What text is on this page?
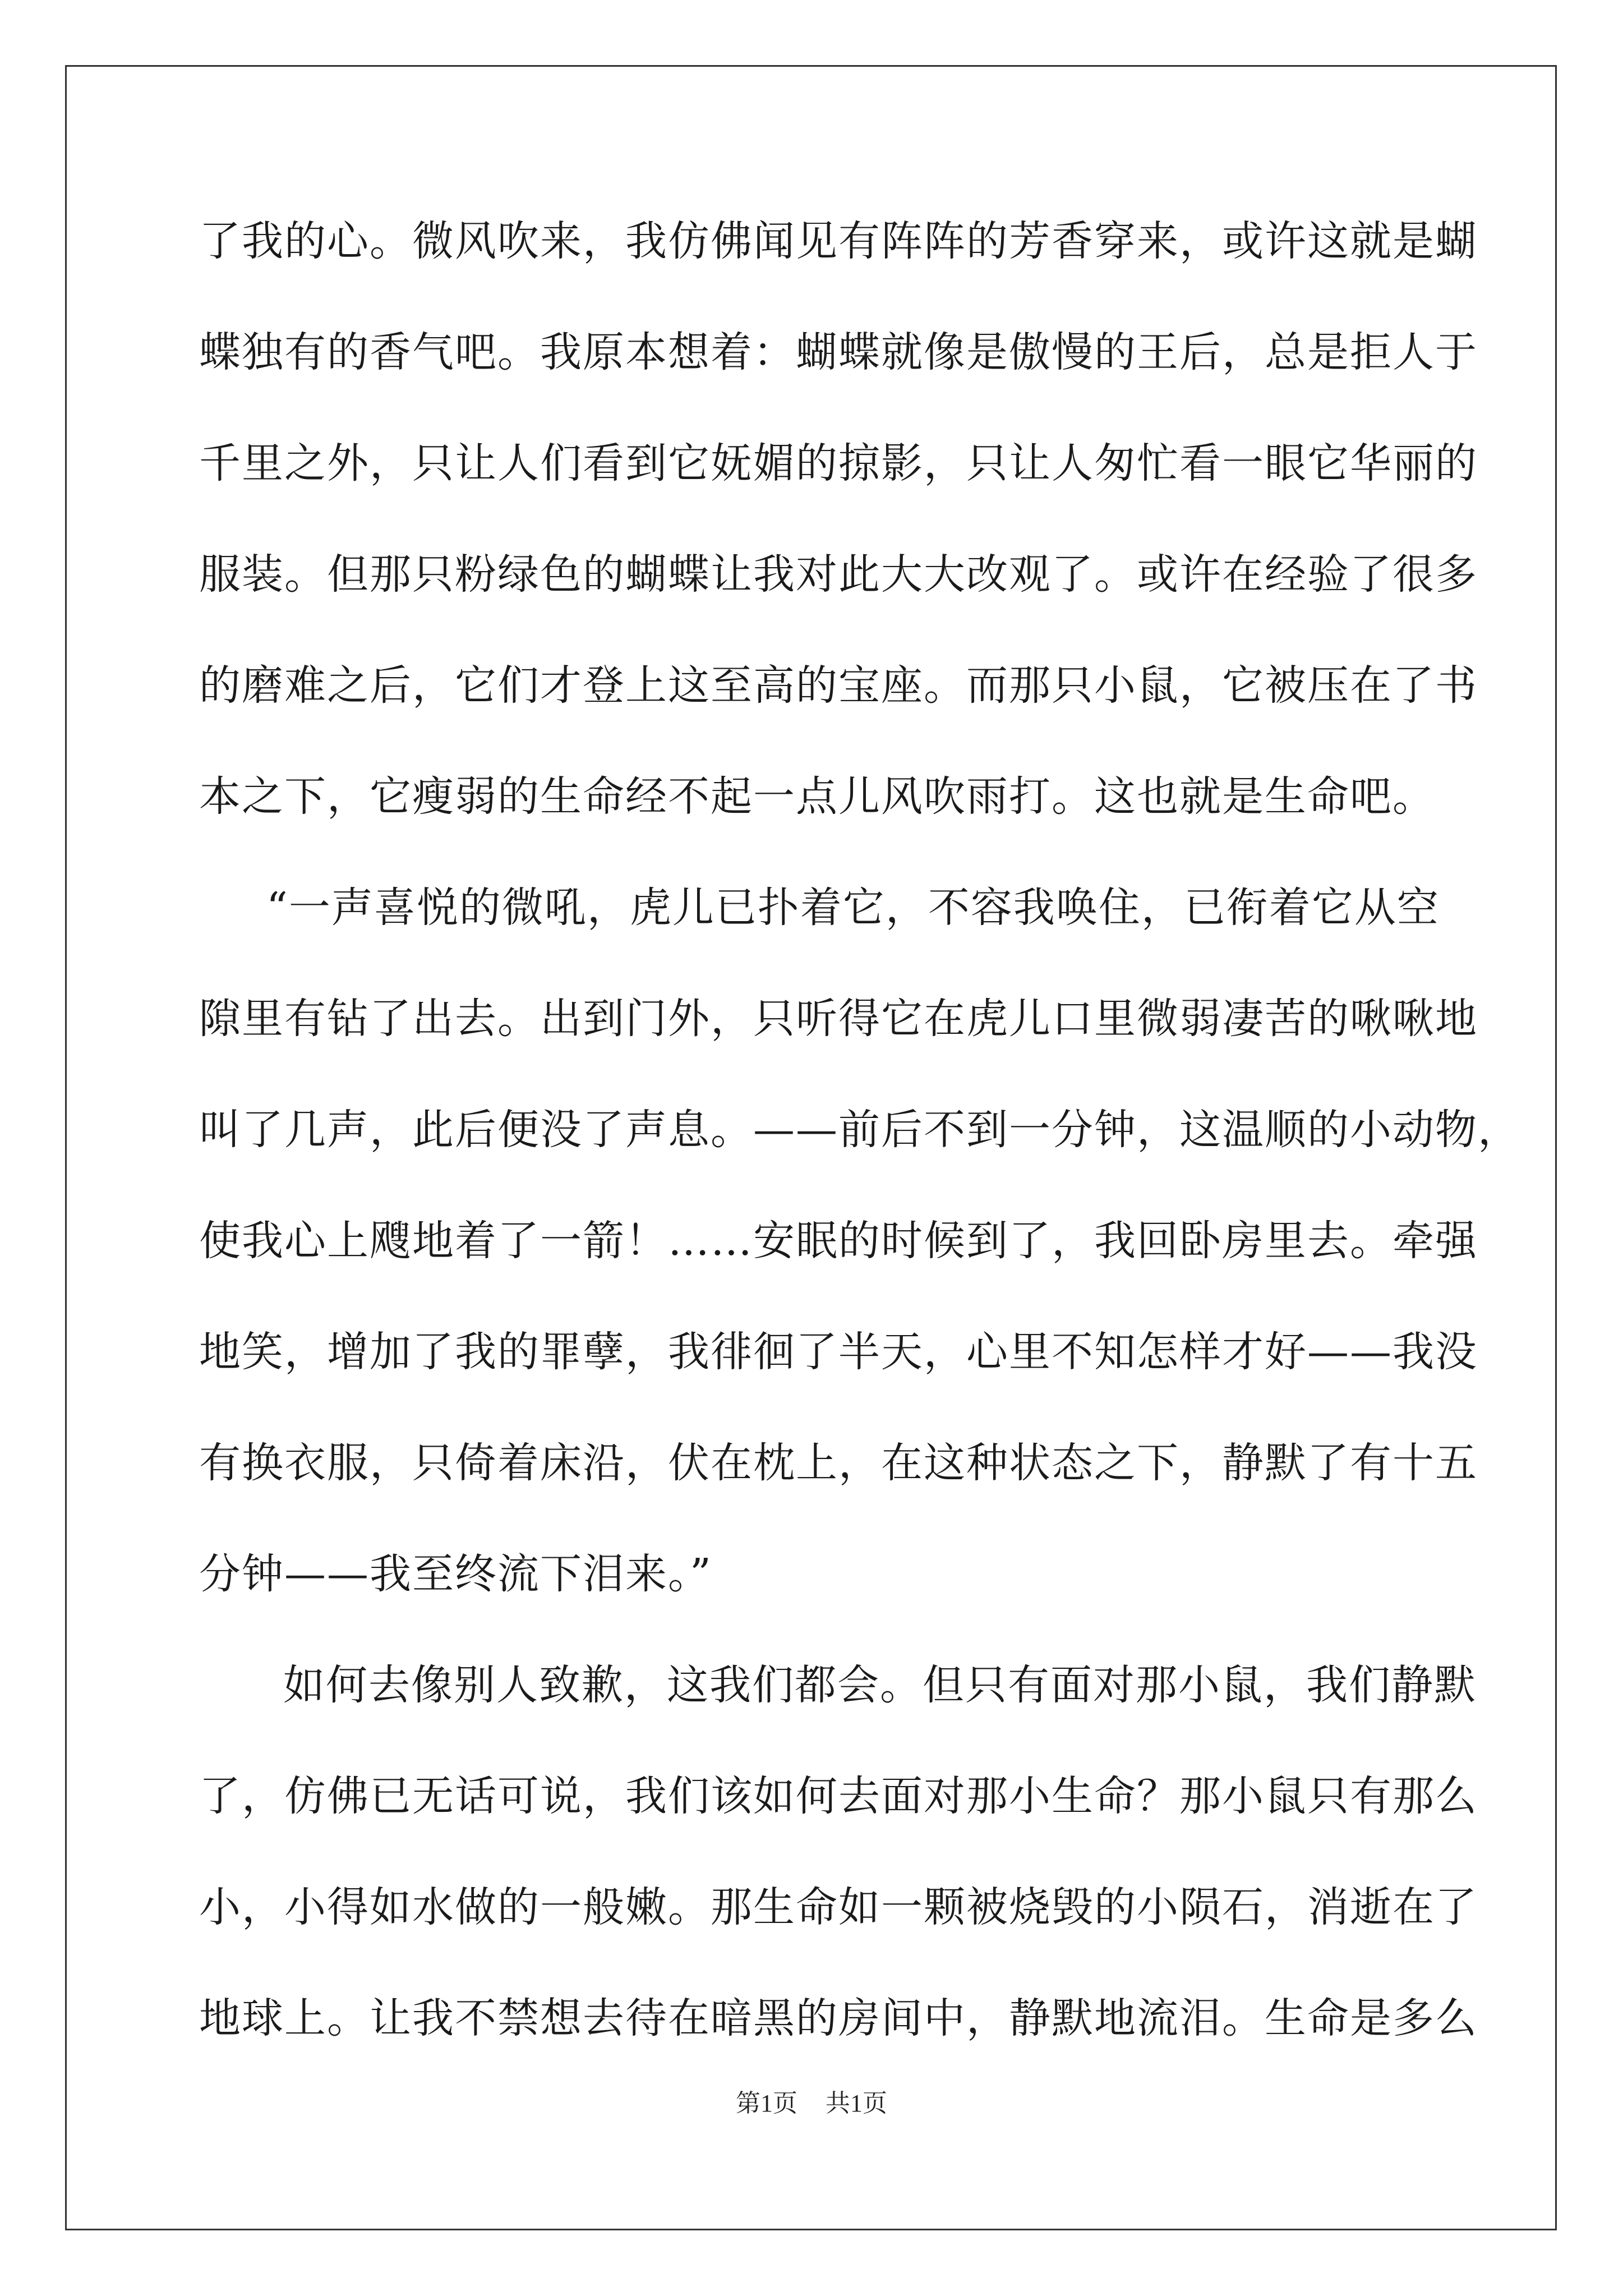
了我的心。微风吹来，我仿佛闻见有阵阵的芳香穿来，或许这就是蝴
蝶独有的香气吧。我原本想着：蝴蝶就像是傲慢的王后，总是拒人于
千里之外，只让人们看到它妩媚的掠影，只让人匆忙看一眼它华丽的
服装。但那只粉绿色的蝴蝶让我对此大大改观了。或许在经验了很多
的磨难之后，它们才登上这至高的宝座。而那只小鼠，它被压在了书
本之下，它瘦弱的生命经不起一点儿风吹雨打。这也就是生命吧。
“一声喜悦的微吼，虎儿已扑着它，不容我唤住，已衔着它从空
隙里有钻了出去。出到门外，只听得它在虎儿口里微弱凄苦的啾啾地
叫了几声，此后便没了声息。——前后不到一分钟，这温顺的小动物，
使我心上飕地着了一箭！……安眠的时候到了，我回卧房里去。牵强
地笑，增加了我的罪孽，我徘徊了半天，心里不知怎样才好——我没
有换衣服，只倚着床沿，伏在枕上，在这种状态之下，静默了有十五
分钟——我至终流下泪来。”
如何去像别人致歉，这我们都会。但只有面对那小鼠，我们静默
了，仿佛已无话可说，我们该如何去面对那小生命？那小鼠只有那么
小，小得如水做的一般嫩。那生命如一颗被烧毁的小陨石，消逝在了
地球上。让我不禁想去待在暗黑的房间中，静默地流泪。生命是多么
第1页 共1页
